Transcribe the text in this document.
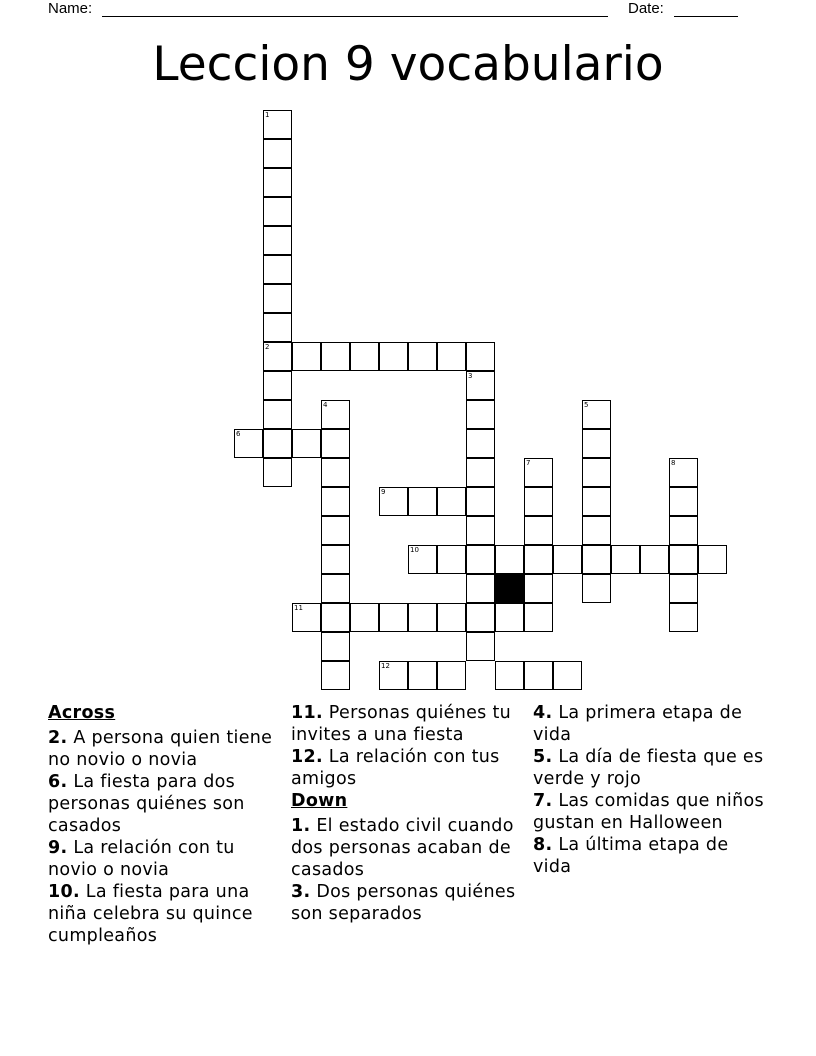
Name:	Date:
Leccion 9 vocabulario
1
2
3
4	5
6
7	8
9
10
11
12
Across
2. A persona quien tiene no novio o novia
6. La fiesta para dos personas quiénes son casados
9. La relación con tu novio o novia
10. La fiesta para una niña celebra su quince cumpleaños
11. Personas quiénes tu invites a una fiesta
12. La relación con tus amigos
Down
1. El estado civil cuando dos personas acaban de casados
3. Dos personas quiénes son separados
4. La primera etapa de vida
5. La día de fiesta que es verde y rojo
7. Las comidas que niños gustan en Halloween
8. La última etapa de vida
